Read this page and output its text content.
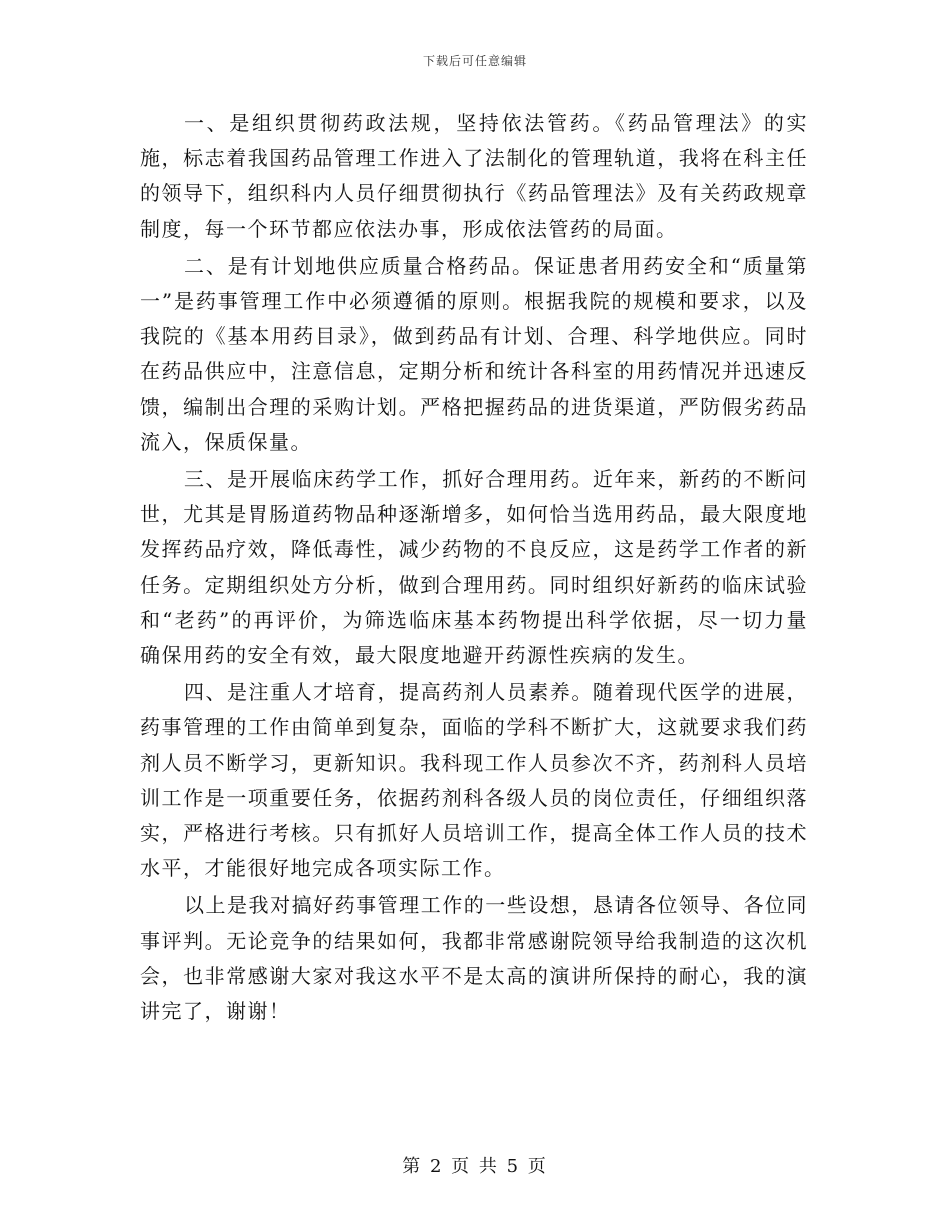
下载后可任意编辑

一、是组织贯彻药政法规，坚持依法管药。《药品管理法》的实施，标志着我国药品管理工作进入了法制化的管理轨道，我将在科主任的领导下，组织科内人员仔细贯彻执行《药品管理法》及有关药政规章制度，每一个环节都应依法办事，形成依法管药的局面。

二、是有计划地供应质量合格药品。保证患者用药安全和“质量第一”是药事管理工作中必须遵循的原则。根据我院的规模和要求，以及我院的《基本用药目录》，做到药品有计划、合理、科学地供应。同时在药品供应中，注意信息，定期分析和统计各科室的用药情况并迅速反馈，编制出合理的采购计划。严格把握药品的进货渠道，严防假劣药品流入，保质保量。

三、是开展临床药学工作，抓好合理用药。近年来，新药的不断问世，尤其是胃肠道药物品种逐渐增多，如何恰当选用药品，最大限度地发挥药品疗效，降低毒性，减少药物的不良反应，这是药学工作者的新任务。定期组织处方分析，做到合理用药。同时组织好新药的临床试验和“老药”的再评价，为筛选临床基本药物提出科学依据，尽一切力量确保用药的安全有效，最大限度地避开药源性疾病的发生。

四、是注重人才培育，提高药剂人员素养。随着现代医学的进展，药事管理的工作由简单到复杂，面临的学科不断扩大，这就要求我们药剂人员不断学习，更新知识。我科现工作人员参次不齐，药剂科人员培训工作是一项重要任务，依据药剂科各级人员的岗位责任，仔细组织落实，严格进行考核。只有抓好人员培训工作，提高全体工作人员的技术水平，才能很好地完成各项实际工作。

以上是我对搞好药事管理工作的一些设想，恳请各位领导、各位同事评判。无论竞争的结果如何，我都非常感谢院领导给我制造的这次机会，也非常感谢大家对我这水平不是太高的演讲所保持的耐心，我的演讲完了，谢谢！

第 2 页 共 5 页
